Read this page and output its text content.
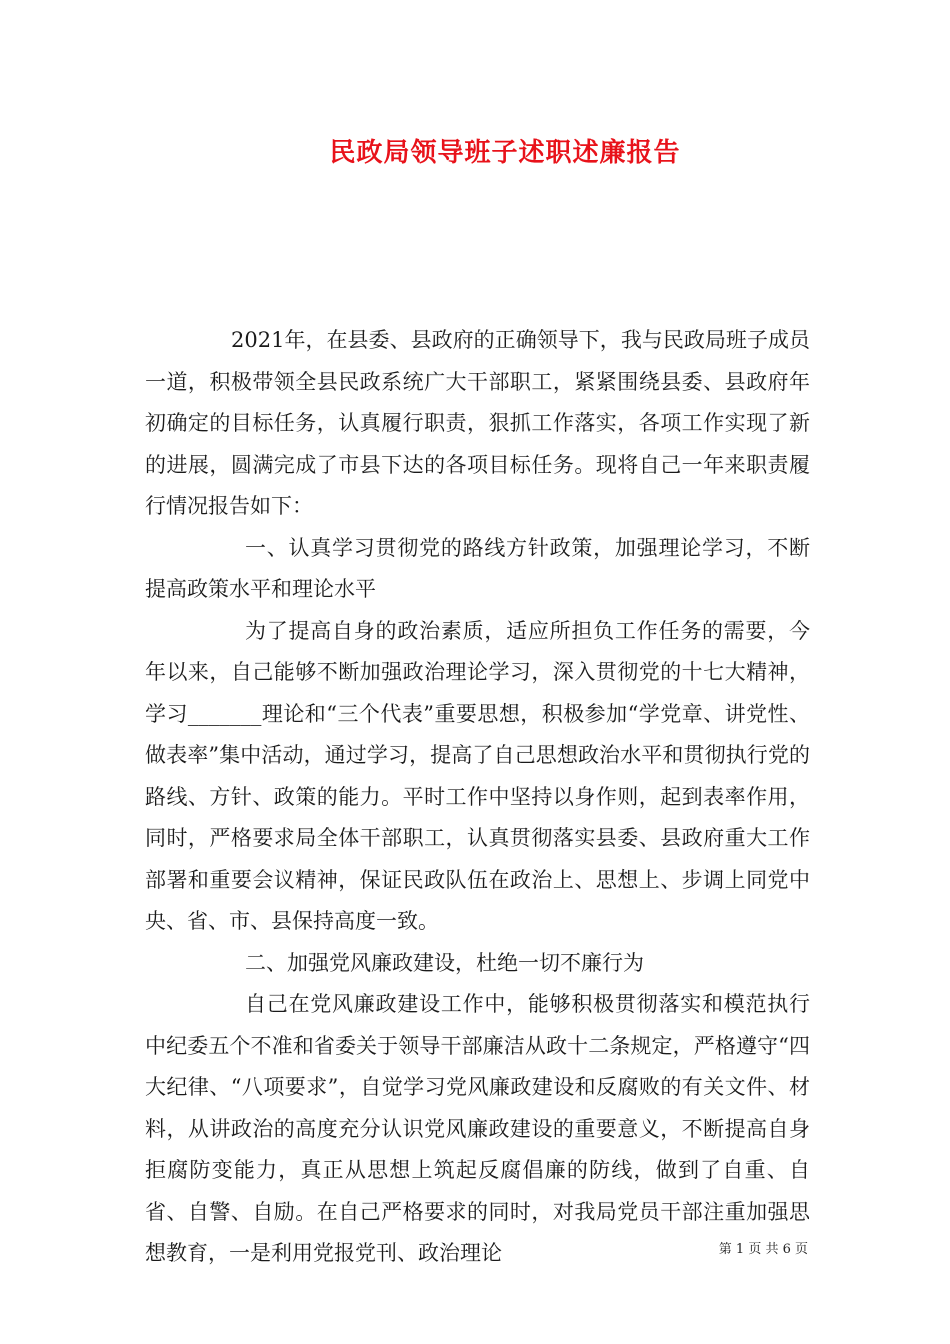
民政局领导班子述职述廉报告

2021年，在县委、县政府的正确领导下，我与民政局班子成员一道，积极带领全县民政系统广大干部职工，紧紧围绕县委、县政府年初确定的目标任务，认真履行职责，狠抓工作落实，各项工作实现了新的进展，圆满完成了市县下达的各项目标任务。现将自己一年来职责履行情况报告如下：

一、认真学习贯彻党的路线方针政策，加强理论学习，不断提高政策水平和理论水平

为了提高自身的政治素质，适应所担负工作任务的需要，今年以来，自己能够不断加强政治理论学习，深入贯彻党的十七大精神，学习_______理论和“三个代表”重要思想，积极参加“学党章、讲党性、做表率”集中活动，通过学习，提高了自己思想政治水平和贯彻执行党的路线、方针、政策的能力。平时工作中坚持以身作则，起到表率作用，同时，严格要求局全体干部职工，认真贯彻落实县委、县政府重大工作部署和重要会议精神，保证民政队伍在政治上、思想上、步调上同党中央、省、市、县保持高度一致。

二、加强党风廉政建设，杜绝一切不廉行为

自己在党风廉政建设工作中，能够积极贯彻落实和模范执行中纪委五个不准和省委关于领导干部廉洁从政十二条规定，严格遵守“四大纪律、“八项要求”，自觉学习党风廉政建设和反腐败的有关文件、材料，从讲政治的高度充分认识党风廉政建设的重要意义，不断提高自身拒腐防变能力，真正从思想上筑起反腐倡廉的防线，做到了自重、自省、自警、自励。在自己严格要求的同时，对我局党员干部注重加强思想教育，一是利用党报党刊、政治理论	第 1 页 共 6 页
